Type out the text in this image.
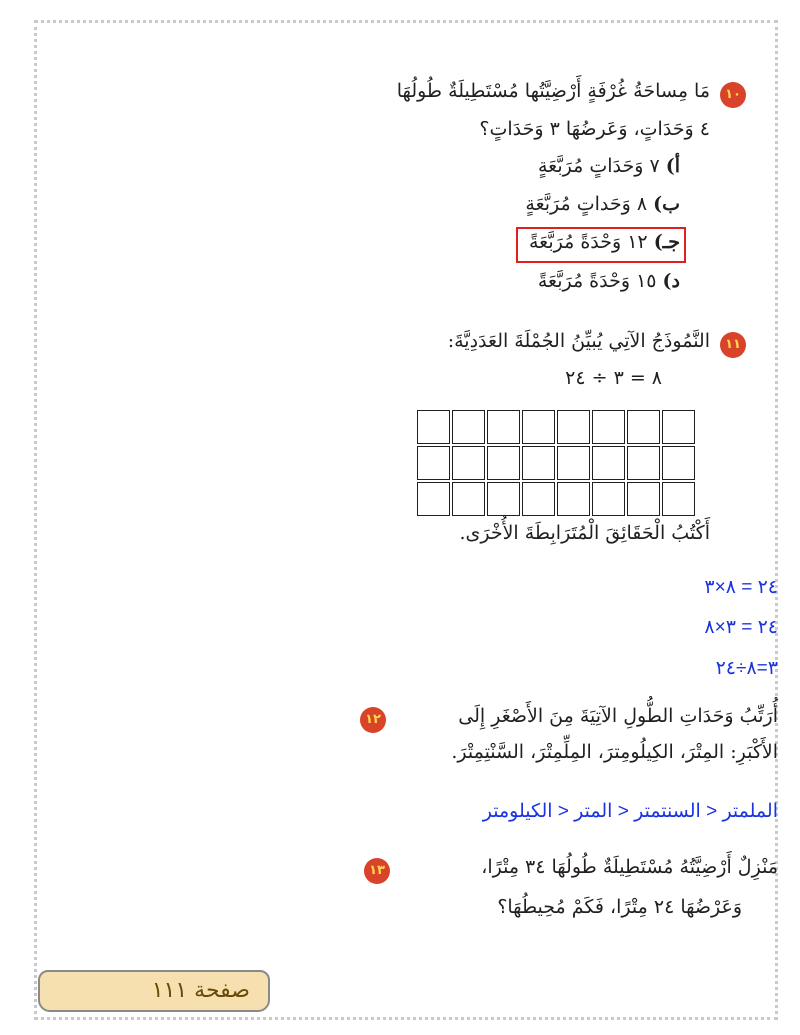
١٠
مَا مِساحَةُ غُرْفَةٍ أَرْضِيَّتُها مُسْتَطِيلَةٌ طُولُهَا
٤ وَحَدَاتٍ، وَعَرضُهَا ٣ وَحَدَاتٍ؟
أ) ٧ وَحَدَاتٍ مُرَبَّعَةٍ
ب) ٨ وَحَداتٍ مُرَبَّعَةٍ
جـ) ١٢ وَحْدَةً مُرَبَّعَةً
د) ١٥ وَحْدَةً مُرَبَّعَةً
١١
النَّمُوذَجُ الآتِي يُبيِّنُ الجُمْلَةَ العَدَدِيَّةَ:
٨ = ٣ ÷ ٢٤
أَكْتُبُ الْحَقَائِقَ الْمُتَرَابِطَةَ الأُخْرَى.
٢٤ = ٨×٣
٢٤ = ٣×٨
٣=٨÷٢٤
١٢	أُرَتِّبُ وَحَدَاتِ الطُّولِ الآتِيَةَ مِنَ الأَصْغَرِ إِلَى
الأَكْبَرِ: المِتْرَ، الكِيلُومِترَ، المِلِّمِتْرَ، السَّنْتِمِتْرَ.
الملمتر < السنتمتر < المتر < الكيلومتر
١٣	مَنْزِلٌ أَرْضِيَّتُهُ مُسْتَطِيلَةٌ طُولُهَا ٣٤ مِتْرًا،
وَعَرْضُهَا ٢٤ مِتْرًا، فَكَمْ مُحِيطُهَا؟
صفحة ١١١
